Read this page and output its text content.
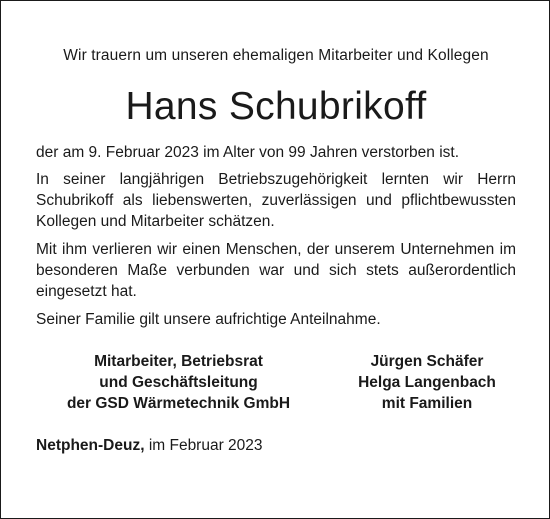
Wir trauern um unseren ehemaligen Mitarbeiter und Kollegen
Hans Schubrikoff

der am 9. Februar 2023 im Alter von 99 Jahren verstorben ist.

In seiner langjährigen Betriebszugehörigkeit lernten wir Herrn Schubrikoff als liebenswerten, zuverlässigen und pflichtbewussten Kollegen und Mitarbeiter schätzen.

Mit ihm verlieren wir einen Menschen, der unserem Unternehmen im besonderen Maße verbunden war und sich stets außerordentlich eingesetzt hat.

Seiner Familie gilt unsere aufrichtige Anteilnahme.

Mitarbeiter, Betriebsrat
und Geschäftsleitung
der GSD Wärmetechnik GmbH
Jürgen Schäfer
Helga Langenbach
mit Familien
Netphen-Deuz, im Februar 2023
